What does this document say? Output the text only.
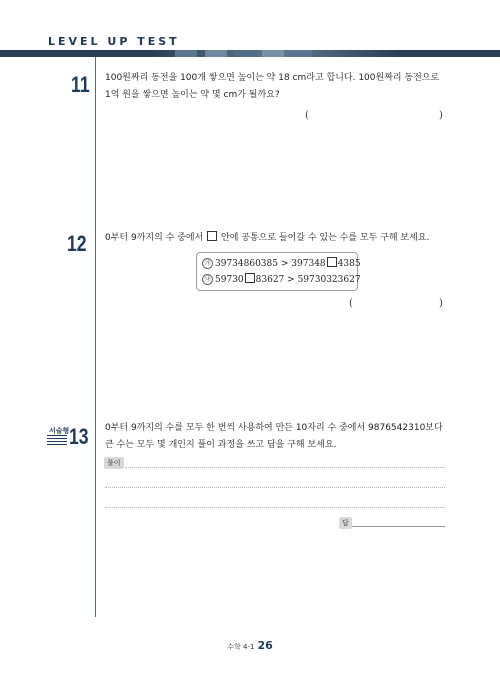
LEVEL UP TEST
11 100원짜리 동전을 100개 쌓으면 높이는 약 18 cm라고 합니다. 100원짜리 동전으로
1억 원을 쌓으면 높이는 약 몇 cm가 될까요?
(	)
12 0부터 9까지의 수 중에서 안에 공통으로 들어갈 수 있는 수를 모두 구해 보세요.
㉮ 39734860385 > 397348 4385
㉯ 59730 83627 > 59730323627
(	)
서술형 13 0부터 9까지의 수를 모두 한 번씩 사용하여 만든 10자리 수 중에서 9876542310보다
큰 수는 모두 몇 개인지 풀이 과정을 쓰고 답을 구해 보세요.
풀이
답
수학 4-1 26
